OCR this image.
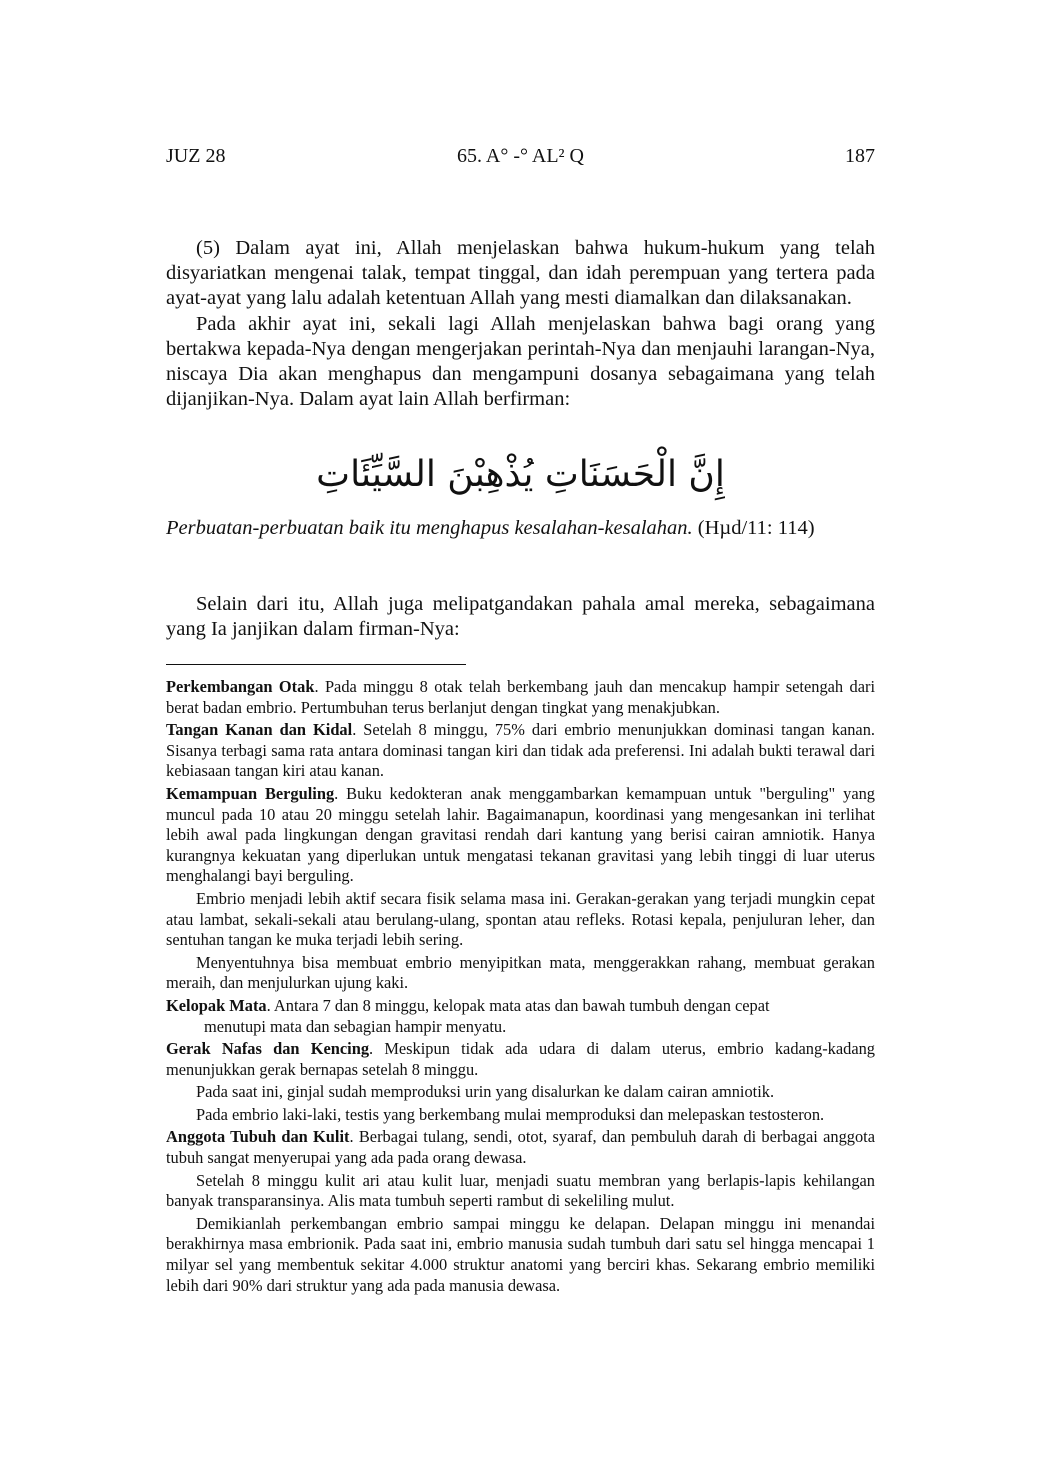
JUZ 28	65. A° -° AL² Q	187

(5) Dalam ayat ini, Allah menjelaskan bahwa hukum-hukum yang telah disyariatkan mengenai talak, tempat tinggal, dan idah perempuan yang tertera pada ayat-ayat yang lalu adalah ketentuan Allah yang mesti diamalkan dan dilaksanakan.

Pada akhir ayat ini, sekali lagi Allah menjelaskan bahwa bagi orang yang bertakwa kepada-Nya dengan mengerjakan perintah-Nya dan menjauhi larangan-Nya, niscaya Dia akan menghapus dan mengampuni dosanya sebagaimana yang telah dijanjikan-Nya. Dalam ayat lain Allah berfirman:

إِنَّ الْحَسَنَاتِ يُذْهِبْنَ السَّيِّئَاتِ
Perbuatan-perbuatan baik itu menghapus kesalahan-kesalahan. (Hµd/11: 114)

Selain dari itu, Allah juga melipatgandakan pahala amal mereka, sebagaimana yang Ia janjikan dalam firman-Nya:

Perkembangan Otak. Pada minggu 8 otak telah berkembang jauh dan mencakup hampir setengah dari berat badan embrio. Pertumbuhan terus berlanjut dengan tingkat yang menakjubkan.

Tangan Kanan dan Kidal. Setelah 8 minggu, 75% dari embrio menunjukkan dominasi tangan kanan. Sisanya terbagi sama rata antara dominasi tangan kiri dan tidak ada preferensi. Ini adalah bukti terawal dari kebiasaan tangan kiri atau kanan.

Kemampuan Berguling. Buku kedokteran anak menggambarkan kemampuan untuk "berguling" yang muncul pada 10 atau 20 minggu setelah lahir. Bagaimanapun, koordinasi yang mengesankan ini terlihat lebih awal pada lingkungan dengan gravitasi rendah dari kantung yang berisi cairan amniotik. Hanya kurangnya kekuatan yang diperlukan untuk mengatasi tekanan gravitasi yang lebih tinggi di luar uterus menghalangi bayi berguling.

Embrio menjadi lebih aktif secara fisik selama masa ini. Gerakan-gerakan yang terjadi mungkin cepat atau lambat, sekali-sekali atau berulang-ulang, spontan atau refleks. Rotasi kepala, penjuluran leher, dan sentuhan tangan ke muka terjadi lebih sering.

Menyentuhnya bisa membuat embrio menyipitkan mata, menggerakkan rahang, membuat gerakan meraih, dan menjulurkan ujung kaki.

Kelopak Mata. Antara 7 dan 8 minggu, kelopak mata atas dan bawah tumbuh dengan cepat
menutupi mata dan sebagian hampir menyatu.

Gerak Nafas dan Kencing. Meskipun tidak ada udara di dalam uterus, embrio kadang-kadang menunjukkan gerak bernapas setelah 8 minggu.

Pada saat ini, ginjal sudah memproduksi urin yang disalurkan ke dalam cairan amniotik.

Pada embrio laki-laki, testis yang berkembang mulai memproduksi dan melepaskan testosteron.

Anggota Tubuh dan Kulit. Berbagai tulang, sendi, otot, syaraf, dan pembuluh darah di berbagai anggota tubuh sangat menyerupai yang ada pada orang dewasa.

Setelah 8 minggu kulit ari atau kulit luar, menjadi suatu membran yang berlapis-lapis kehilangan banyak transparansinya. Alis mata tumbuh seperti rambut di sekeliling mulut.

Demikianlah perkembangan embrio sampai minggu ke delapan. Delapan minggu ini menandai berakhirnya masa embrionik. Pada saat ini, embrio manusia sudah tumbuh dari satu sel hingga mencapai 1 milyar sel yang membentuk sekitar 4.000 struktur anatomi yang berciri khas. Sekarang embrio memiliki lebih dari 90% dari struktur yang ada pada manusia dewasa.
